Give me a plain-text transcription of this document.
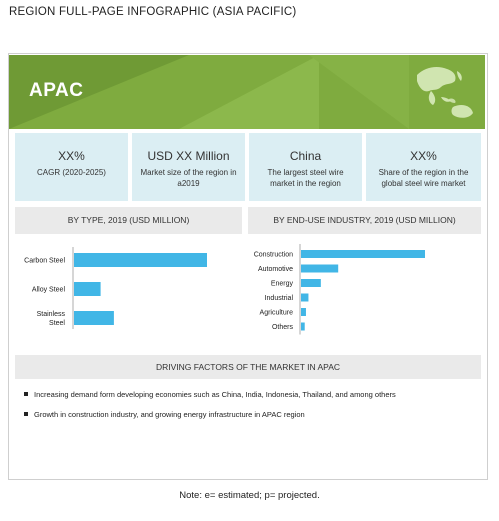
REGION FULL-PAGE INFOGRAPHIC (ASIA PACIFIC)
APAC
XX%
CAGR (2020-2025)
USD XX Million
Market size of the region in a2019
China
The largest steel wire market in the region
XX%
Share of the region in the global steel wire market
BY TYPE, 2019 (USD MILLION)	BY END-USE INDUSTRY, 2019 (USD MILLION)
Carbon Steel
Alloy Steel
Stainless Steel
Construction
Automotive
Energy
Industrial
Agriculture
Others
DRIVING FACTORS OF THE MARKET IN APAC
Increasing demand form developing economies such as China, India, Indonesia, Thailand, and among others
Growth in construction industry, and growing energy infrastructure in APAC region
Note: e= estimated; p= projected.
